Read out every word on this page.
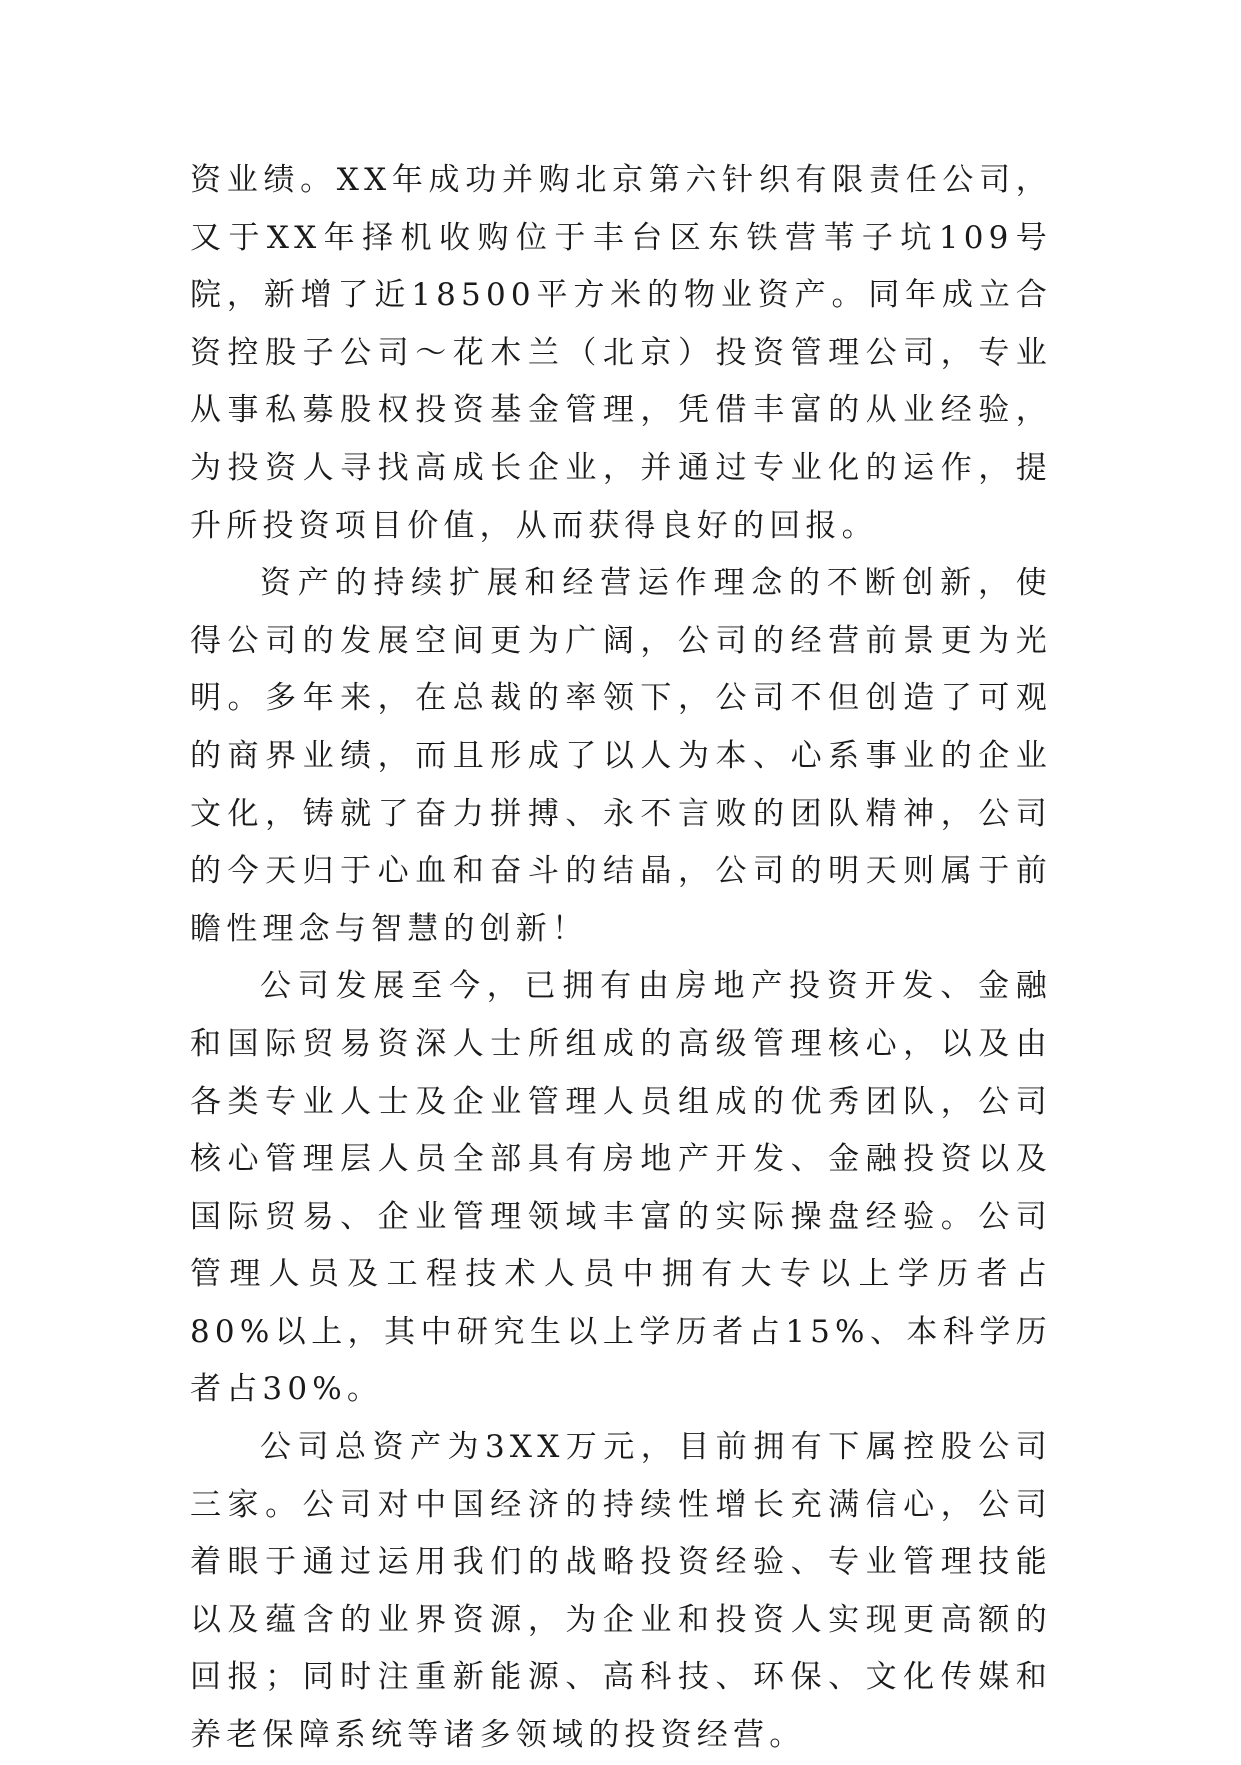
资业绩。XX年成功并购北京第六针织有限责任公司，又于XX年择机收购位于丰台区东铁营苇子坑109号院，新增了近18500平方米的物业资产。同年成立合资控股子公司～花木兰（北京）投资管理公司，专业从事私募股权投资基金管理，凭借丰富的从业经验，为投资人寻找高成长企业，并通过专业化的运作，提升所投资项目价值，从而获得良好的回报。

资产的持续扩展和经营运作理念的不断创新，使得公司的发展空间更为广阔，公司的经营前景更为光明。多年来，在总裁的率领下，公司不但创造了可观的商界业绩，而且形成了以人为本、心系事业的企业文化，铸就了奋力拼搏、永不言败的团队精神，公司的今天归于心血和奋斗的结晶，公司的明天则属于前瞻性理念与智慧的创新！

公司发展至今，已拥有由房地产投资开发、金融和国际贸易资深人士所组成的高级管理核心，以及由各类专业人士及企业管理人员组成的优秀团队，公司核心管理层人员全部具有房地产开发、金融投资以及国际贸易、企业管理领域丰富的实际操盘经验。公司管理人员及工程技术人员中拥有大专以上学历者占80%以上，其中研究生以上学历者占15%、本科学历者占30%。

公司总资产为3XX万元，目前拥有下属控股公司三家。公司对中国经济的持续性增长充满信心，公司着眼于通过运用我们的战略投资经验、专业管理技能以及蕴含的业界资源，为企业和投资人实现更高额的回报；同时注重新能源、高科技、环保、文化传媒和养老保障系统等诸多领域的投资经营。
